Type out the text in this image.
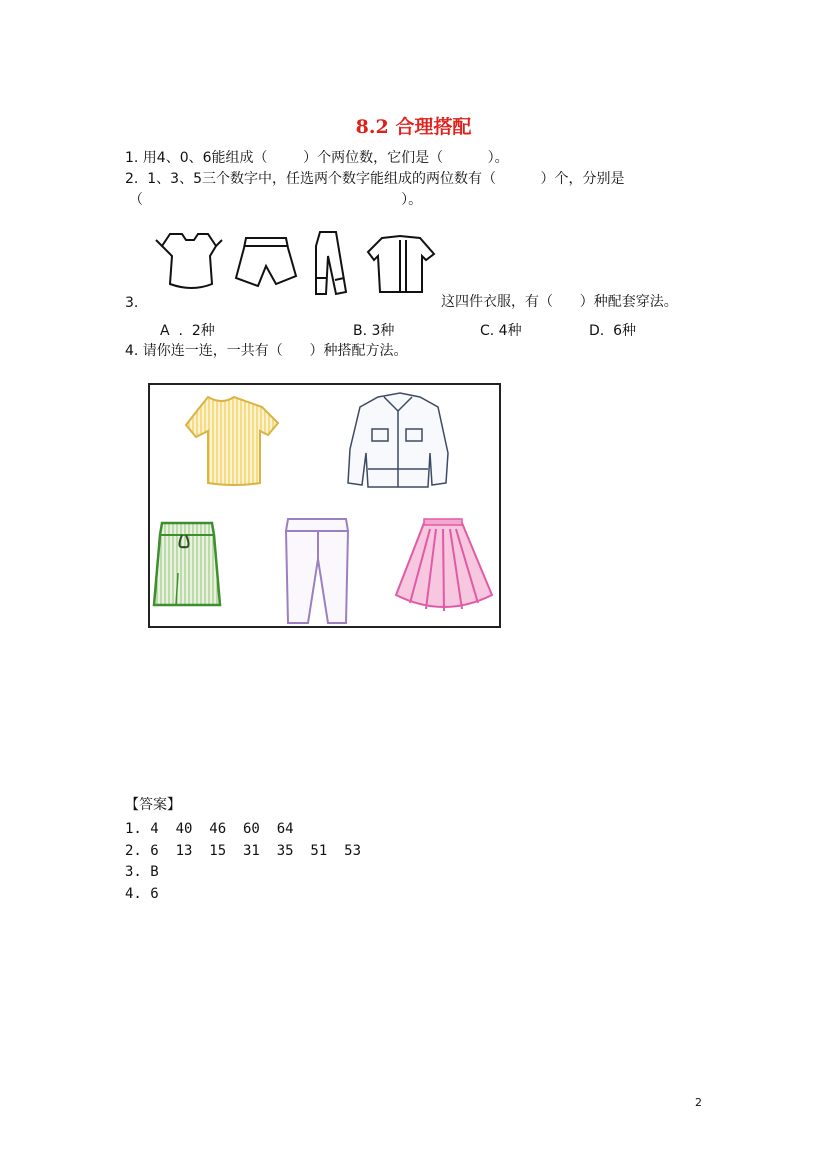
8.2 合理搭配
1. 用4、0、6能组成（        ）个两位数，它们是（          ）。
2.  1、3、5三个数字中，任选两个数字能组成的两位数有（          ）个，分别是
（                                                          ）。
3.	这四件衣服，有（      ）种配套穿法。
A  .  2种	B. 3种	C. 4种	D.  6种
4. 请你连一连，一共有（      ）种搭配方法。
【答案】
1. 4  40  46  60  64
2. 6  13  15  31  35  51  53
3. B
4. 6
2
